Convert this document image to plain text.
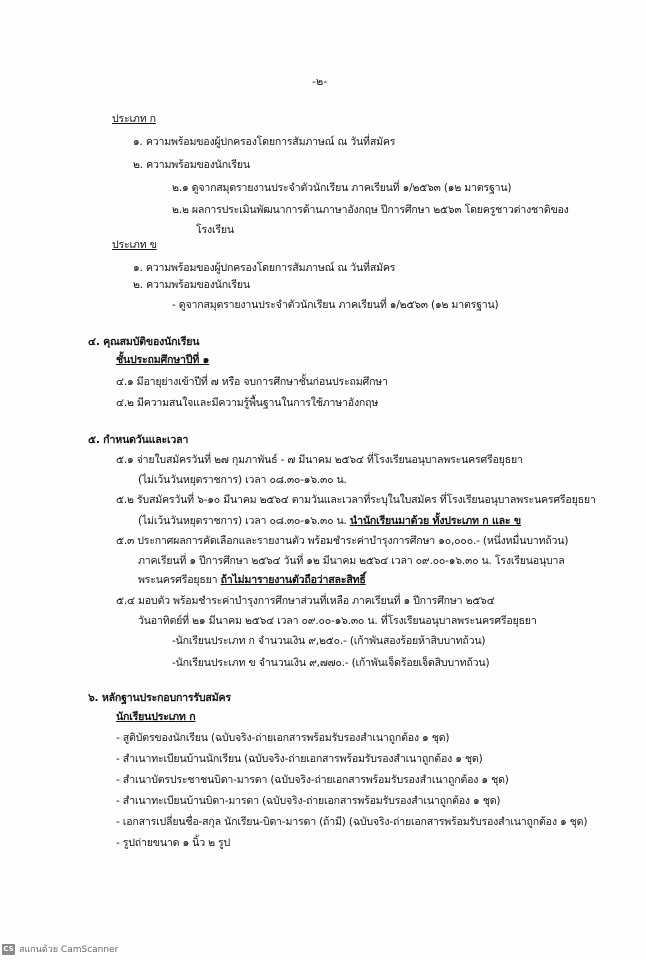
-๒-
ประเภท ก
๑. ความพร้อมของผู้ปกครองโดยการสัมภาษณ์ ณ วันที่สมัคร
๒. ความพร้อมของนักเรียน
๒.๑ ดูจากสมุดรายงานประจำตัวนักเรียน ภาคเรียนที่ ๑/๒๕๖๓ (๑๒ มาตรฐาน)
๒.๒ ผลการประเมินพัฒนาการด้านภาษาอังกฤษ ปีการศึกษา ๒๕๖๓ โดยครูชาวต่างชาติของ
โรงเรียน
ประเภท ข
๑. ความพร้อมของผู้ปกครองโดยการสัมภาษณ์ ณ วันที่สมัคร
๒. ความพร้อมของนักเรียน
- ดูจากสมุดรายงานประจำตัวนักเรียน ภาคเรียนที่ ๑/๒๕๖๓ (๑๒ มาตรฐาน)
๔. คุณสมบัติของนักเรียน
ชั้นประถมศึกษาปีที่ ๑
๔.๑ มีอายุย่างเข้าปีที่ ๗ หรือ จบการศึกษาชั้นก่อนประถมศึกษา
๔.๒ มีความสนใจและมีความรู้พื้นฐานในการใช้ภาษาอังกฤษ
๕. กำหนดวันและเวลา
๕.๑ จ่ายใบสมัครวันที่ ๒๗ กุมภาพันธ์ - ๗ มีนาคม ๒๕๖๔ ที่โรงเรียนอนุบาลพระนครศรีอยุธยา
(ไม่เว้นวันหยุดราชการ) เวลา ๐๘.๓๐-๑๖.๓๐ น.
๕.๒ รับสมัครวันที่ ๖-๑๐ มีนาคม ๒๕๖๔ ตามวันและเวลาที่ระบุในใบสมัคร ที่โรงเรียนอนุบาลพระนครศรีอยุธยา
(ไม่เว้นวันหยุดราชการ) เวลา ๐๘.๓๐-๑๖.๓๐ น. นำนักเรียนมาด้วย ทั้งประเภท ก และ ข
๕.๓ ประกาศผลการคัดเลือกและรายงานตัว พร้อมชำระค่าบำรุงการศึกษา ๑๐,๐๐๐.- (หนึ่งหมื่นบาทถ้วน)
ภาคเรียนที่ ๑ ปีการศึกษา ๒๕๖๔ วันที่ ๑๒ มีนาคม ๒๕๖๔ เวลา ๐๙.๐๐-๑๖.๓๐ น. โรงเรียนอนุบาล
พระนครศรีอยุธยา ถ้าไม่มารายงานตัวถือว่าสละสิทธิ์
๕.๔ มอบตัว พร้อมชำระค่าบำรุงการศึกษาส่วนที่เหลือ ภาคเรียนที่ ๑ ปีการศึกษา ๒๕๖๔
วันอาทิตย์ที่ ๒๑ มีนาคม ๒๕๖๔ เวลา ๐๙.๐๐-๑๖.๓๐ น. ที่โรงเรียนอนุบาลพระนครศรีอยุธยา
-นักเรียนประเภท ก จำนวนเงิน ๙,๒๕๐.- (เก้าพันสองร้อยห้าสิบบาทถ้วน)
-นักเรียนประเภท ข จำนวนเงิน ๙,๗๗๐.- (เก้าพันเจ็ดร้อยเจ็ดสิบบาทถ้วน)
๖. หลักฐานประกอบการรับสมัคร
นักเรียนประเภท ก
- สูติบัตรของนักเรียน (ฉบับจริง-ถ่ายเอกสารพร้อมรับรองสำเนาถูกต้อง ๑ ชุด)
- สำเนาทะเบียนบ้านนักเรียน (ฉบับจริง-ถ่ายเอกสารพร้อมรับรองสำเนาถูกต้อง ๑ ชุด)
- สำเนาบัตรประชาชนบิดา-มารดา (ฉบับจริง-ถ่ายเอกสารพร้อมรับรองสำเนาถูกต้อง ๑ ชุด)
- สำเนาทะเบียนบ้านบิดา-มารดา (ฉบับจริง-ถ่ายเอกสารพร้อมรับรองสำเนาถูกต้อง ๑ ชุด)
- เอกสารเปลี่ยนชื่อ-สกุล นักเรียน-บิดา-มารดา (ถ้ามี) (ฉบับจริง-ถ่ายเอกสารพร้อมรับรองสำเนาถูกต้อง ๑ ชุด)
- รูปถ่ายขนาด ๑ นิ้ว ๒ รูป
CS สแกนด้วย CamScanner
